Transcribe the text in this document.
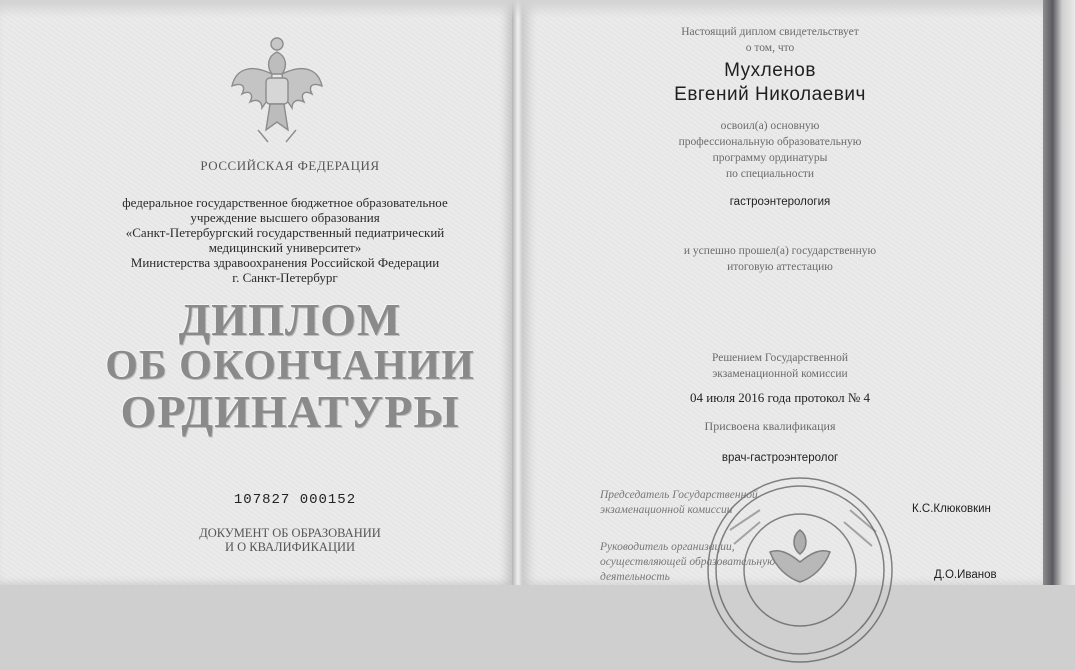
РОССИЙСКАЯ ФЕДЕРАЦИЯ
федеральное государственное бюджетное образовательное
учреждение высшего образования
«Санкт-Петербургский государственный педиатрический
медицинский университет»
Министерства здравоохранения Российской Федерации
г. Санкт-Петербург
ДИПЛОМ
ОБ ОКОНЧАНИИ
ОРДИНАТУРЫ
107827 000152
ДОКУМЕНТ ОБ ОБРАЗОВАНИИ
И О КВАЛИФИКАЦИИ
Настоящий диплом свидетельствует
о том, что
Мухленов
Евгений Николаевич
освоил(а) основную
профессиональную образовательную
программу ординатуры
по специальности
гастроэнтерология
и успешно прошел(а) государственную
итоговую аттестацию
Решением Государственной
экзаменационной комиссии
04 июля 2016 года протокол № 4
Присвоена квалификация
врач-гастроэнтеролог
Председатель Государственной
экзаменационной комиссии	К.С.Клюковкин
Руководитель организации,
осуществляющей образовательную
деятельность	Д.О.Иванов
